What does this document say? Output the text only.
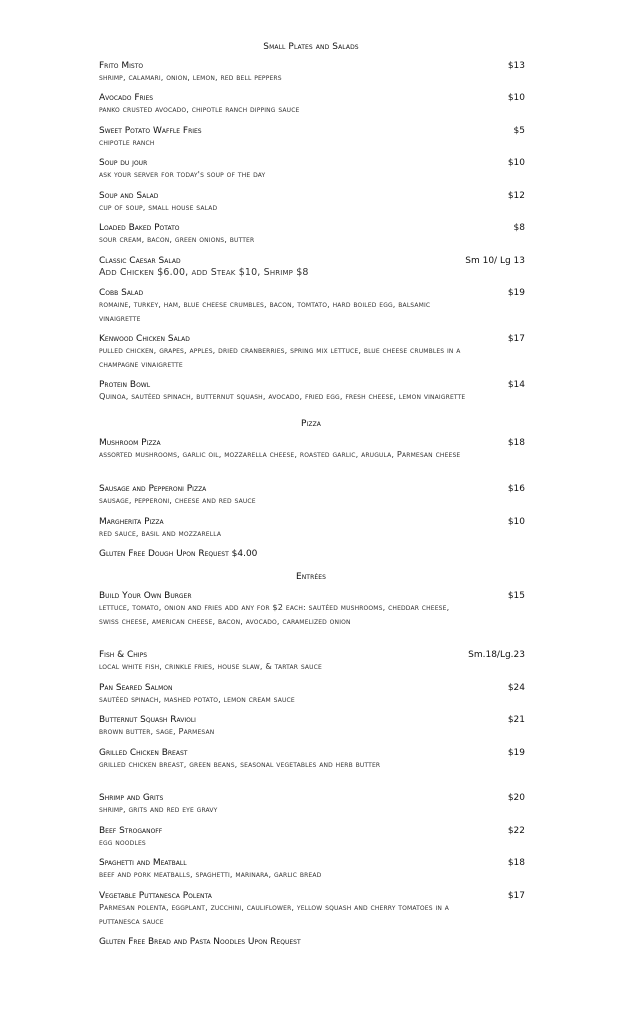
Small Plates and Salads
Frito Misto	$13
shrimp, calamari, onion, lemon, red bell peppers
Avocado Fries	$10
panko crusted avocado, chipotle ranch dipping sauce
Sweet Potato Waffle Fries	$5
chipotle ranch
Soup du jour	$10
ask your server for today's soup of the day
Soup and Salad	$12
cup of soup, small house salad
Loaded Baked Potato	$8
sour cream, bacon, green onions, butter
Classic Caesar Salad	Sm 10/ Lg 13
Add Chicken $6.00, add Steak $10, Shrimp $8
Cobb Salad	$19
romaine, turkey, ham, blue cheese crumbles, bacon, tomtato, hard boiled egg, balsamic vinaigrette
Kenwood Chicken Salad	$17
pulled chicken, grapes, apples, dried cranberries, spring mix lettuce, blue cheese crumbles in a champagne vinaigrette
Protein Bowl	$14
Quinoa, sautéed spinach, butternut squash, avocado, fried egg, fresh cheese, lemon vinaigrette
Pizza
Mushroom Pizza	$18
assorted mushrooms, garlic oil, mozzarella cheese, roasted garlic, arugula, Parmesan cheese
Sausage and Pepperoni Pizza	$16
sausage, pepperoni, cheese and red sauce
Margherita Pizza	$10
red sauce, basil and mozzarella
Gluten Free Dough Upon Request $4.00
Entrées
Build Your Own Burger	$15
lettuce, tomato, onion and fries add any for $2 each: sautéed mushrooms, cheddar cheese, swiss cheese, american cheese, bacon, avocado, caramelized onion
Fish & Chips	Sm.18/Lg.23
local white fish, crinkle fries, house slaw, & tartar sauce
Pan Seared Salmon	$24
sautéed spinach, mashed potato, lemon cream sauce
Butternut Squash Ravioli	$21
brown butter, sage, Parmesan
Grilled Chicken Breast	$19
grilled chicken breast, green beans, seasonal vegetables and herb butter
Shrimp and Grits	$20
shrimp, grits and red eye gravy
Beef Stroganoff	$22
egg noodles
Spaghetti and Meatball	$18
beef and pork meatballs, spaghetti, marinara, garlic bread
Vegetable Puttanesca Polenta	$17
Parmesan polenta, eggplant, zucchini, cauliflower, yellow squash and cherry tomatoes in a puttanesca sauce
Gluten Free Bread and Pasta Noodles Upon Request
